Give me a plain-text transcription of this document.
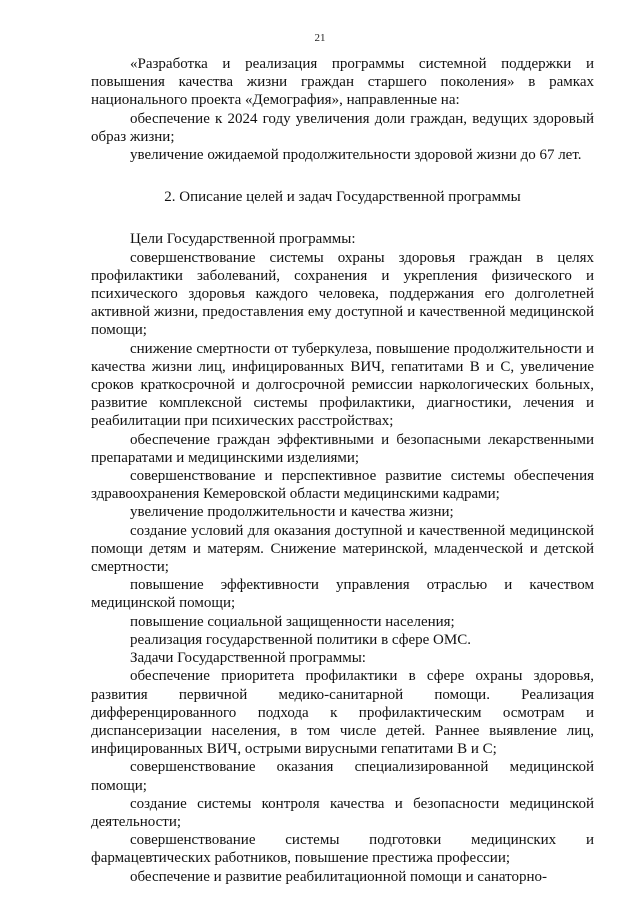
21

«Разработка и реализация программы системной поддержки и повышения качества жизни граждан старшего поколения» в рамках национального проекта «Демография», направленные на:

обеспечение к 2024 году увеличения доли граждан, ведущих здоровый образ жизни;

увеличение ожидаемой продолжительности здоровой жизни до 67 лет.

2. Описание целей и задач Государственной программы

Цели Государственной программы:

совершенствование системы охраны здоровья граждан в целях профилактики заболеваний, сохранения и укрепления физического и психического здоровья каждого человека, поддержания его долголетней активной жизни, предоставления ему доступной и качественной медицинской помощи;

снижение смертности от туберкулеза, повышение продолжительности и качества жизни лиц, инфицированных ВИЧ, гепатитами В и С, увеличение сроков краткосрочной и долгосрочной ремиссии наркологических больных, развитие комплексной системы профилактики, диагностики, лечения и реабилитации при психических расстройствах;

обеспечение граждан эффективными и безопасными лекарственными препаратами и медицинскими изделиями;

совершенствование и перспективное развитие системы обеспечения здравоохранения Кемеровской области медицинскими кадрами;

увеличение продолжительности и качества жизни;

создание условий для оказания доступной и качественной медицинской помощи детям и матерям. Снижение материнской, младенческой и детской смертности;

повышение эффективности управления отраслью и качеством медицинской помощи;

повышение социальной защищенности населения;

реализация государственной политики в сфере ОМС.

Задачи Государственной программы:

обеспечение приоритета профилактики в сфере охраны здоровья, развития первичной медико-санитарной помощи. Реализация дифференцированного подхода к профилактическим осмотрам и диспансеризации населения, в том числе детей. Раннее выявление лиц, инфицированных ВИЧ, острыми вирусными гепатитами В и С;

совершенствование оказания специализированной медицинской помощи;

создание системы контроля качества и безопасности медицинской деятельности;

совершенствование системы подготовки медицинских и фармацевтических работников, повышение престижа профессии;

обеспечение и развитие реабилитационной помощи и санаторно-
